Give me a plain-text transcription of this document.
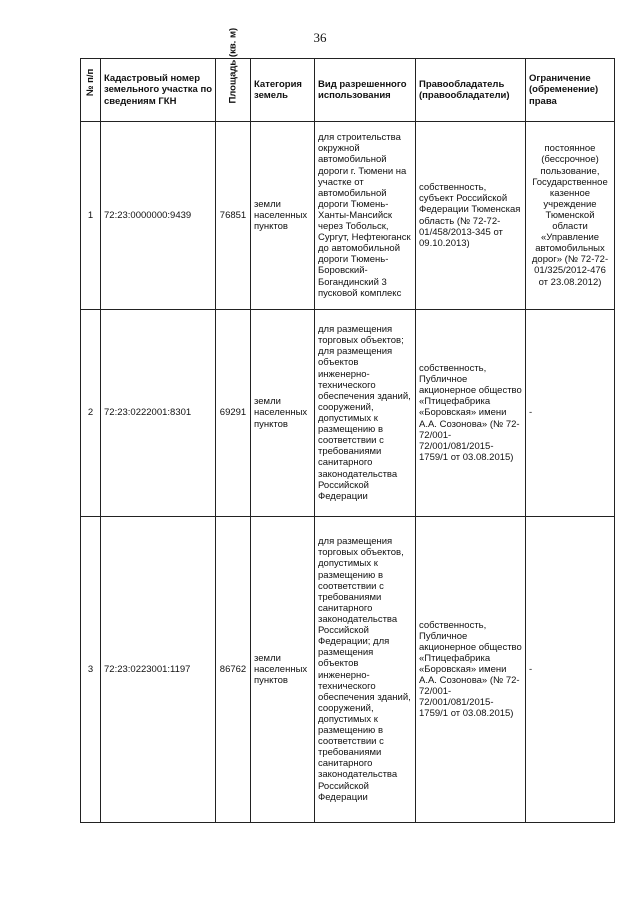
36
№ п/п	Кадастровый номер земельного участка по сведениям ГКН	Площадь (кв. м)	Категория земель	Вид разрешенного использования	Правообладатель (правообладатели)	Ограничение (обременение) права
1	72:23:0000000:9439	76851	земли населенных пунктов	для строительства окружной автомобильной дороги г. Тюмени на участке от автомобильной дороги Тюмень-Ханты-Мансийск через Тобольск, Сургут, Нефтеюганск до автомобильной дороги Тюмень-Боровский-Богандинский 3 пусковой комплекс	собственность, субъект Российской Федерации Тюменская область (№ 72-72-01/458/2013-345 от 09.10.2013)	постоянное (бессрочное) пользование, Государственное казенное учреждение Тюменской области «Управление автомобильных дорог» (№ 72-72-01/325/2012-476 от 23.08.2012)
2	72:23:0222001:8301	69291	земли населенных пунктов	для размещения торговых объектов; для размещения объектов инженерно-технического обеспечения зданий, сооружений, допустимых к размещению в соответствии с требованиями санитарного законодательства Российской Федерации	собственность, Публичное акционерное общество «Птицефабрика «Боровская» имени А.А. Созонова» (№ 72-72/001-72/001/081/2015-1759/1 от 03.08.2015)	-
3	72:23:0223001:1197	86762	земли населенных пунктов	для размещения торговых объектов, допустимых к размещению в соответствии с требованиями санитарного законодательства Российской Федерации; для размещения объектов инженерно-технического обеспечения зданий, сооружений, допустимых к размещению в соответствии с требованиями санитарного законодательства Российской Федерации	собственность, Публичное акционерное общество «Птицефабрика «Боровская» имени А.А. Созонова» (№ 72-72/001-72/001/081/2015-1759/1 от 03.08.2015)	-
